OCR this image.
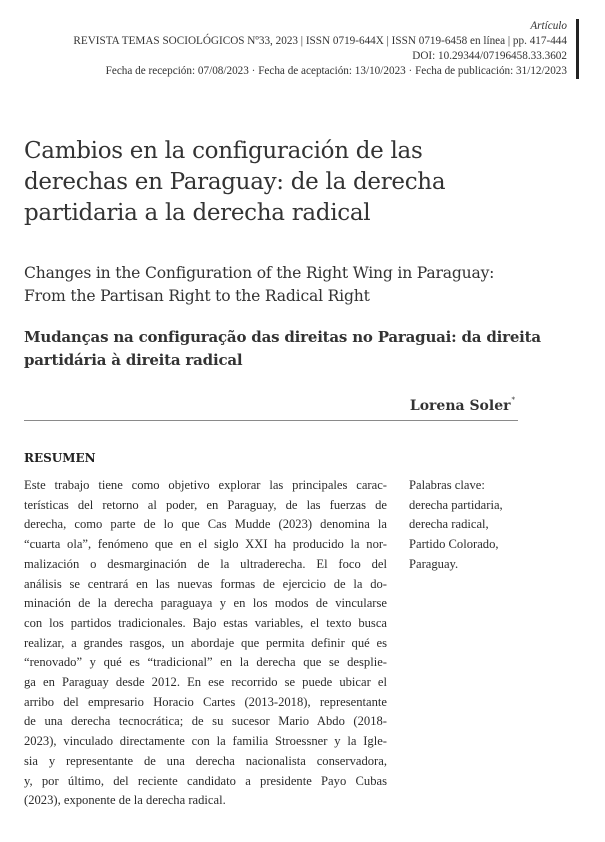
Artículo
REVISTA TEMAS SOCIOLÓGICOS Nº33, 2023 | ISSN 0719-644X | ISSN 0719-6458 en línea | pp. 417-444
DOI: 10.29344/07196458.33.3602
Fecha de recepción: 07/08/2023 · Fecha de aceptación: 13/10/2023 · Fecha de publicación: 31/12/2023
Cambios en la configuración de las
derechas en Paraguay: de la derecha
partidaria a la derecha radical
Changes in the Configuration of the Right Wing in Paraguay:
From the Partisan Right to the Radical Right
Mudanças na configuração das direitas no Paraguai: da direita
partidária à direita radical
Lorena Soler*
RESUMEN
Este trabajo tiene como objetivo explorar las principales carac-
terísticas del retorno al poder, en Paraguay, de las fuerzas de
derecha, como parte de lo que Cas Mudde (2023) denomina la
“cuarta ola”, fenómeno que en el siglo XXI ha producido la nor-
malización o desmarginación de la ultraderecha. El foco del
análisis se centrará en las nuevas formas de ejercicio de la do-
minación de la derecha paraguaya y en los modos de vincularse
con los partidos tradicionales. Bajo estas variables, el texto busca
realizar, a grandes rasgos, un abordaje que permita definir qué es
“renovado” y qué es “tradicional” en la derecha que se desplie-
ga en Paraguay desde 2012. En ese recorrido se puede ubicar el
arribo del empresario Horacio Cartes (2013-2018), representante
de una derecha tecnocrática; de su sucesor Mario Abdo (2018-
2023), vinculado directamente con la familia Stroessner y la Igle-
sia y representante de una derecha nacionalista conservadora,
y, por último, del reciente candidato a presidente Payo Cubas
(2023), exponente de la derecha radical.
Palabras clave:
derecha partidaria,
derecha radical,
Partido Colorado,
Paraguay.
